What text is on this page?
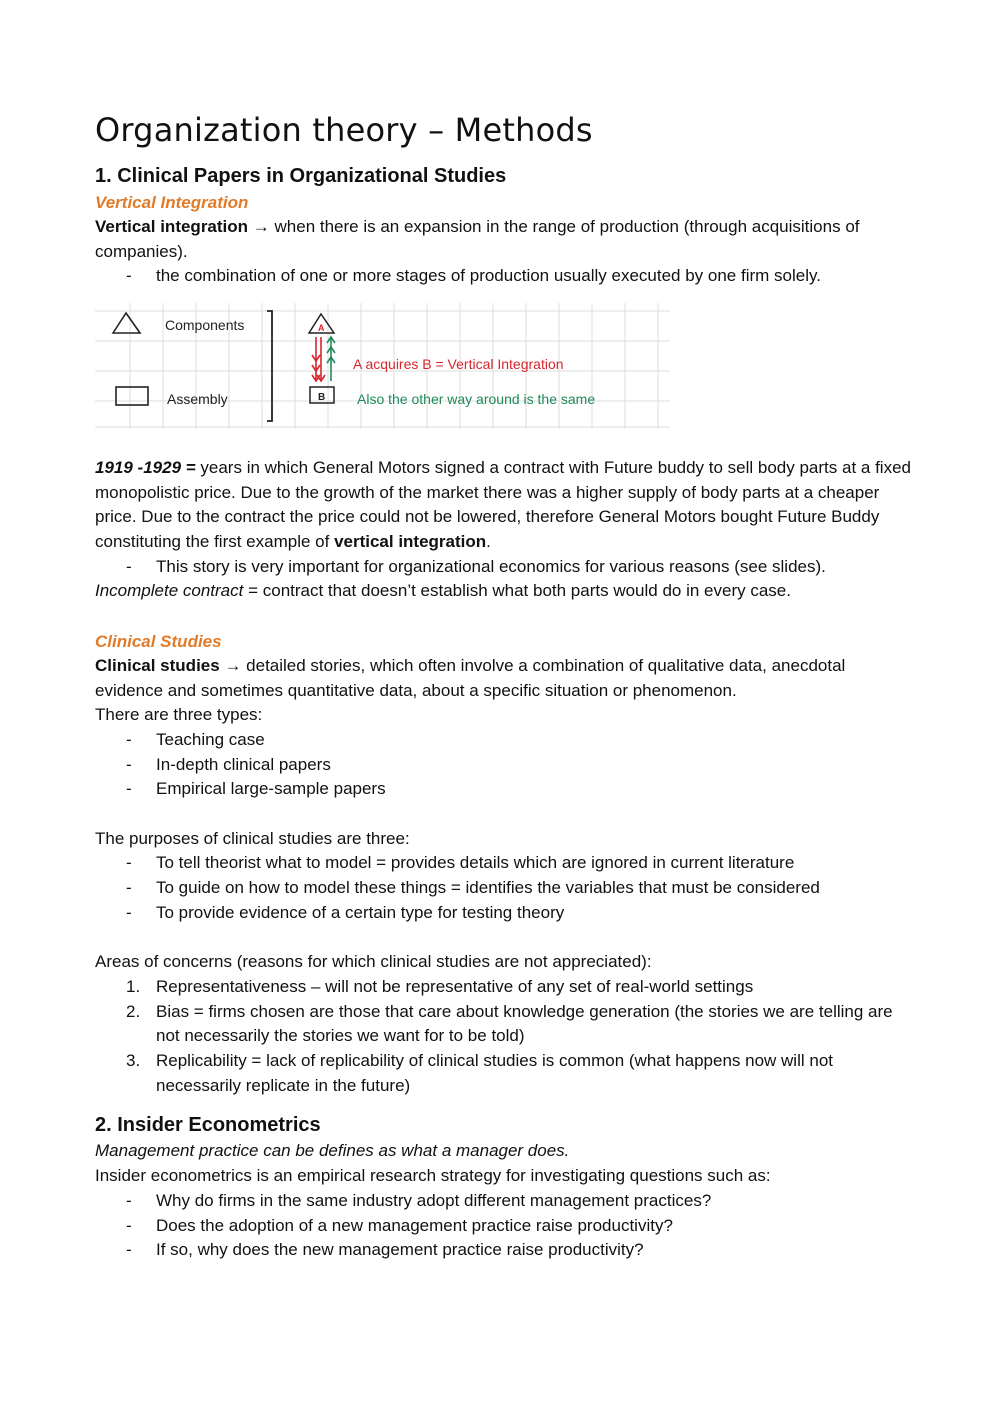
Organization theory – Methods
1. Clinical Papers in Organizational Studies
Vertical Integration

Vertical integration → when there is an expansion in the range of production (through acquisitions of companies).

- the combination of one or more stages of production usually executed by one firm solely.
Components
Assembly
A
B
A acquires B = Vertical Integration
Also the other way around is the same

1919 -1929 = years in which General Motors signed a contract with Future buddy to sell body parts at a fixed monopolistic price. Due to the growth of the market there was a higher supply of body parts at a cheaper price. Due to the contract the price could not be lowered, therefore General Motors bought Future Buddy constituting the first example of vertical integration.

- This story is very important for organizational economics for various reasons (see slides).

Incomplete contract = contract that doesn’t establish what both parts would do in every case.

Clinical Studies

Clinical studies → detailed stories, which often involve a combination of qualitative data, anecdotal evidence and sometimes quantitative data, about a specific situation or phenomenon.

There are three types:

- Teaching case
- In-depth clinical papers
- Empirical large-sample papers

The purposes of clinical studies are three:

- To tell theorist what to model = provides details which are ignored in current literature
- To guide on how to model these things = identifies the variables that must be considered
- To provide evidence of a certain type for testing theory

Areas of concerns (reasons for which clinical studies are not appreciated):

1. Representativeness – will not be representative of any set of real-world settings
2. Bias = firms chosen are those that care about knowledge generation (the stories we are telling are not necessarily the stories we want for to be told)
3. Replicability = lack of replicability of clinical studies is common (what happens now will not necessarily replicate in the future)
2. Insider Econometrics

Management practice can be defines as what a manager does.

Insider econometrics is an empirical research strategy for investigating questions such as:

- Why do firms in the same industry adopt different management practices?
- Does the adoption of a new management practice raise productivity?
- If so, why does the new management practice raise productivity?
